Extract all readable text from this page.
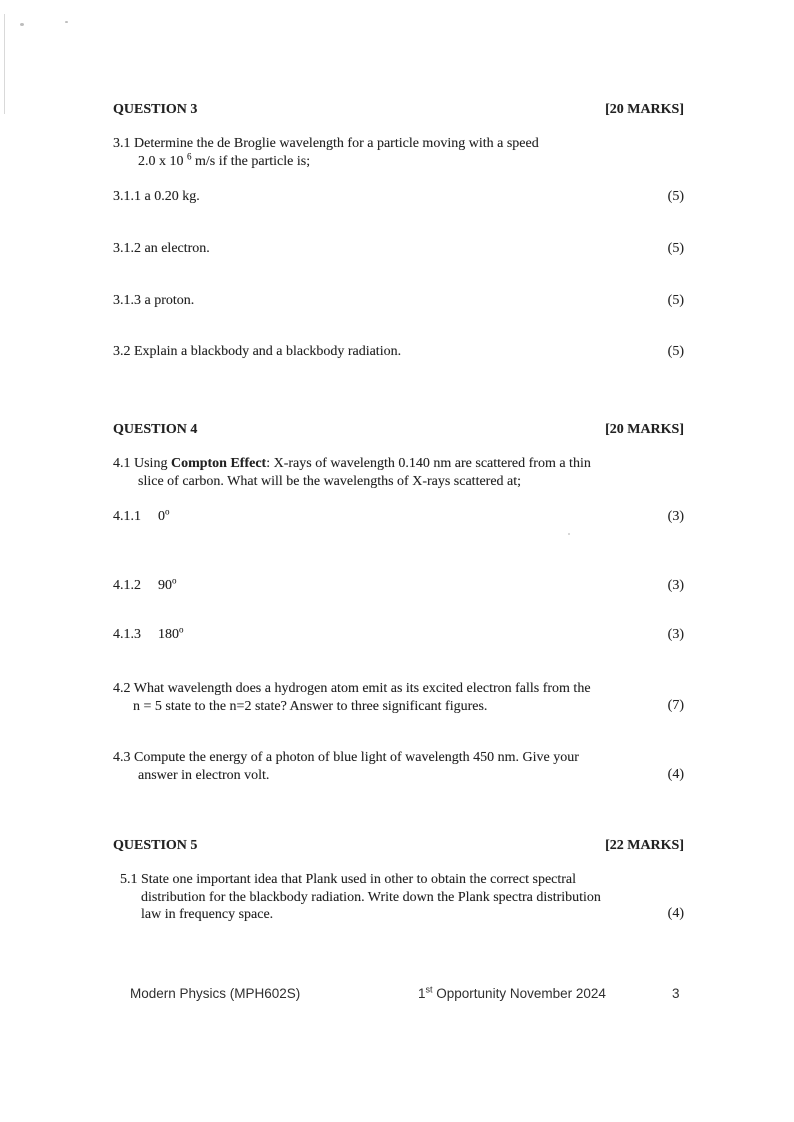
QUESTION 3	[20 MARKS]
3.1 Determine the de Broglie wavelength for a particle moving with a speed
2.0 x 10 $^6$ m/s if the particle is;
3.1.1 a 0.20 kg.	(5)
3.1.2 an electron.	(5)
3.1.3 a proton.	(5)
3.2 Explain a blackbody and a blackbody radiation.	(5)
QUESTION 4	[20 MARKS]
4.1 Using Compton Effect: X-rays of wavelength 0.140 nm are scattered from a thin
slice of carbon. What will be the wavelengths of X-rays scattered at;
4.1.1 0$^o$	(3)
4.1.2 90$^o$	(3)
4.1.3 180$^o$	(3)
4.2 What wavelength does a hydrogen atom emit as its excited electron falls from the
n = 5 state to the n=2 state? Answer to three significant figures.	(7)
4.3 Compute the energy of a photon of blue light of wavelength 450 nm. Give your
answer in electron volt.	(4)
QUESTION 5	[22 MARKS]
5.1 State one important idea that Plank used in other to obtain the correct spectral
distribution for the blackbody radiation. Write down the Plank spectra distribution
law in frequency space.	(4)
Modern Physics (MPH602S)	1st Opportunity November 2024	3
